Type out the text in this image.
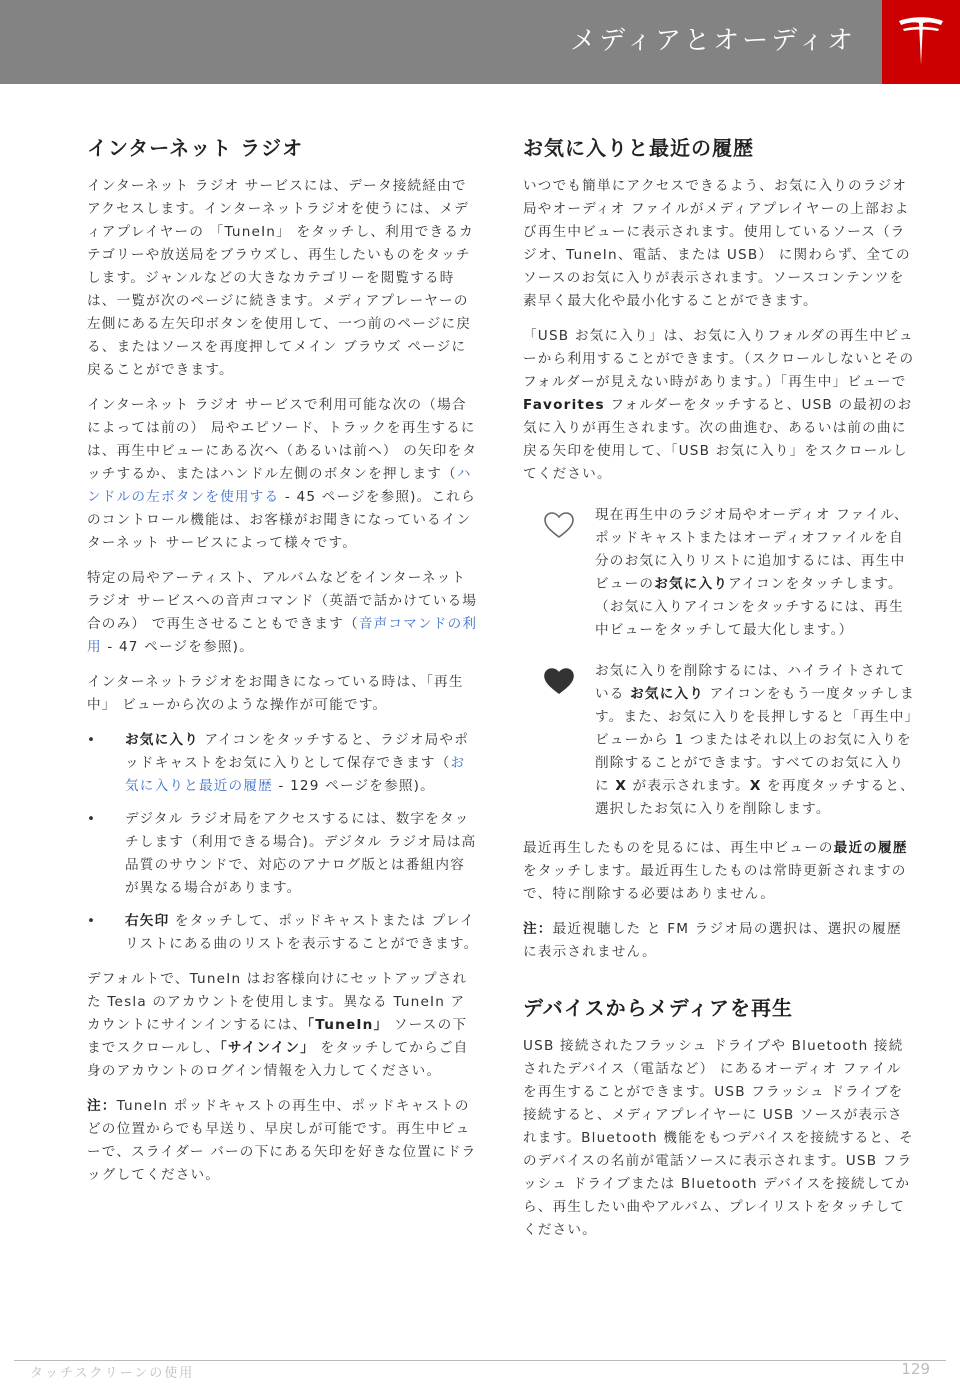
メディアとオーディオ
インターネット ラジオ

インターネット ラジオ サービスには、データ接続経由でアクセスします。インターネットラジオを使うには、メディアプレイヤーの 「TuneIn」 をタッチし、利用できるカテゴリーや放送局をブラウズし、再生したいものをタッチします。ジャンルなどの大きなカテゴリーを閲覧する時は、一覧が次のページに続きます。メディアプレーヤーの左側にある左矢印ボタンを使用して、一つ前のページに戻る、またはソースを再度押してメイン ブラウズ ページに戻ることができます。

インターネット ラジオ サービスで利用可能な次の（場合によっては前の） 局やエピソード、トラックを再生するには、再生中ビューにある次へ（あるいは前へ） の矢印をタッチするか、またはハンドル左側のボタンを押します（ハンドルの左ボタンを使用する - 45 ページを参照)。これらのコントロール機能は、お客様がお聞きになっているインターネット サービスによって様々です。

特定の局やアーティスト、アルバムなどをインターネット ラジオ サービスへの音声コマンド（英語で話かけている場合のみ） で再生させることもできます（音声コマンドの利用 - 47 ページを参照)。

インターネットラジオをお聞きになっている時は、「再生中」 ビューから次のような操作が可能です。

• お気に入り アイコンをタッチすると、ラジオ局やポッドキャストをお気に入りとして保存できます（お気に入りと最近の履歴 - 129 ページを参照)。
• デジタル ラジオ局をアクセスするには、数字をタッチします（利用できる場合)。デジタル ラジオ局は高品質のサウンドで、対応のアナログ版とは番組内容が異なる場合があります。
• 右矢印 をタッチして、ポッドキャストまたは プレイリストにある曲のリストを表示することができます。

デフォルトで、TuneIn はお客様向けにセットアップされた Tesla のアカウントを使用します。異なる TuneIn アカウントにサインインするには、「TuneIn」 ソースの下までスクロールし、「サインイン」 をタッチしてからご自身のアカウントのログイン情報を入力してください。

注：TuneIn ポッドキャストの再生中、ポッドキャストのどの位置からでも早送り、早戻しが可能です。再生中ビューで、スライダー バーの下にある矢印を好きな位置にドラッグしてください。

お気に入りと最近の履歴

いつでも簡単にアクセスできるよう、お気に入りのラジオ局やオーディオ ファイルがメディアプレイヤーの上部および再生中ビューに表示されます。使用しているソース（ラジオ、TuneIn、電話、または USB） に関わらず、全てのソースのお気に入りが表示されます。ソースコンテンツを素早く最大化や最小化することができます。

「USB お気に入り」は、お気に入りフォルダの再生中ビューから利用することができます。（スクロールしないとそのフォルダーが見えない時があります。）「再生中」ビューで Favorites フォルダーをタッチすると、USB の最初のお気に入りが再生されます。次の曲進む、あるいは前の曲に戻る矢印を使用して、「USB お気に入り」をスクロールしてください。

現在再生中のラジオ局やオーディオ ファイル、ポッドキャストまたはオーディオファイルを自分のお気に入りリストに追加するには、再生中ビューのお気に入りアイコンをタッチします。（お気に入りアイコンをタッチするには、再生中ビューをタッチして最大化します。）
お気に入りを削除するには、ハイライトされている お気に入り アイコンをもう一度タッチします。また、お気に入りを長押しすると「再生中」ビューから 1 つまたはそれ以上のお気に入りを削除することができます。すべてのお気に入りに X が表示されます。X を再度タッチすると、選択したお気に入りを削除します。

最近再生したものを見るには、再生中ビューの最近の履歴をタッチします。最近再生したものは常時更新されますので、特に削除する必要はありません。

注：最近視聴した と FM ラジオ局の選択は、選択の履歴に表示されません。

デバイスからメディアを再生

USB 接続されたフラッシュ ドライブや Bluetooth 接続されたデバイス（電話など） にあるオーディオ ファイルを再生することができます。USB フラッシュ ドライブを接続すると、メディアプレイヤーに USB ソースが表示されます。Bluetooth 機能をもつデバイスを接続すると、そのデバイスの名前が電話ソースに表示されます。USB フラッシュ ドライブまたは Bluetooth デバイスを接続してから、再生したい曲やアルバム、プレイリストをタッチしてください。

タッチスクリーンの使用	129
